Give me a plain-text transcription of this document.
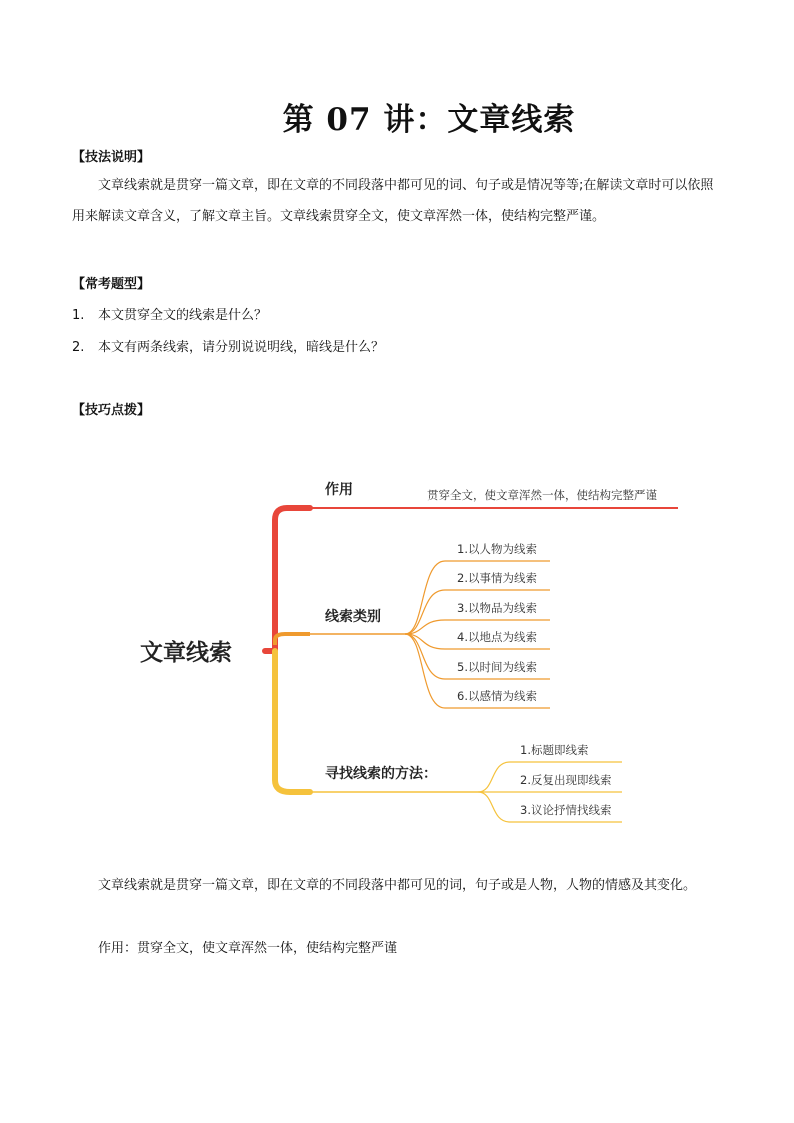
第 07 讲：文章线索
【技法说明】

文章线索就是贯穿一篇文章，即在文章的不同段落中都可见的词、句子或是情况等等;在解读文章时可以依照用来解读文章含义，了解文章主旨。文章线索贯穿全文，使文章浑然一体，使结构完整严谨。

【常考题型】
1. 本文贯穿全文的线索是什么？
2. 本文有两条线索，请分别说说明线，暗线是什么？
【技巧点拨】
文章线索
作用
线索类别
寻找线索的方法：
贯穿全文，使文章浑然一体，使结构完整严谨
1.以人物为线索
2.以事情为线索
3.以物品为线索
4.以地点为线索
5.以时间为线索
6.以感情为线索
1.标题即线索
2.反复出现即线索
3.议论抒情找线索

文章线索就是贯穿一篇文章，即在文章的不同段落中都可见的词，句子或是人物，人物的情感及其变化。

作用：贯穿全文，使文章浑然一体，使结构完整严谨
